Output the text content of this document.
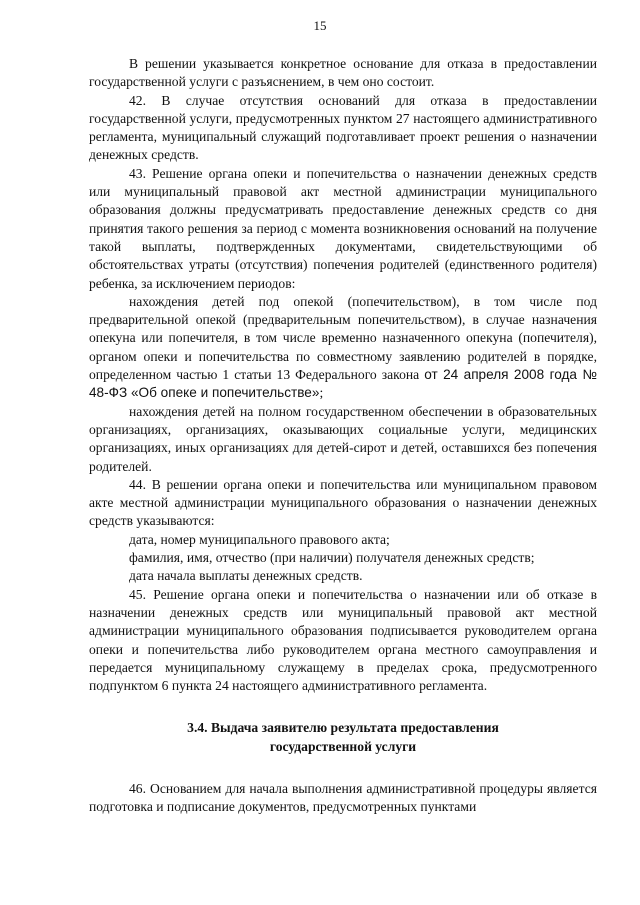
15

В решении указывается конкретное основание для отказа в предоставлении государственной услуги с разъяснением, в чем оно состоит.

42. В случае отсутствия оснований для отказа в предоставлении государственной услуги, предусмотренных пунктом 27 настоящего административного регламента, муниципальный служащий подготавливает проект решения о назначении денежных средств.

43. Решение органа опеки и попечительства о назначении денежных средств или муниципальный правовой акт местной администрации муниципального образования должны предусматривать предоставление денежных средств со дня принятия такого решения за период с момента возникновения оснований на получение такой выплаты, подтвержденных документами, свидетельствующими об обстоятельствах утраты (отсутствия) попечения родителей (единственного родителя) ребенка, за исключением периодов:

нахождения детей под опекой (попечительством), в том числе под предварительной опекой (предварительным попечительством), в случае назначения опекуна или попечителя, в том числе временно назначенного опекуна (попечителя), органом опеки и попечительства по совместному заявлению родителей в порядке, определенном частью 1 статьи 13 Федерального закона от 24 апреля 2008 года № 48-ФЗ «Об опеке и попечительстве»;

нахождения детей на полном государственном обеспечении в образовательных организациях, организациях, оказывающих социальные услуги, медицинских организациях, иных организациях для детей-сирот и детей, оставшихся без попечения родителей.

44. В решении органа опеки и попечительства или муниципальном правовом акте местной администрации муниципального образования о назначении денежных средств указываются:

дата, номер муниципального правового акта;

фамилия, имя, отчество (при наличии) получателя денежных средств;

дата начала выплаты денежных средств.

45. Решение органа опеки и попечительства о назначении или об отказе в назначении денежных средств или муниципальный правовой акт местной администрации муниципального образования подписывается руководителем органа опеки и попечительства либо руководителем органа местного самоуправления и передается муниципальному служащему в пределах срока, предусмотренного подпунктом 6 пункта 24 настоящего административного регламента.

3.4. Выдача заявителю результата предоставления
государственной услуги

46. Основанием для начала выполнения административной процедуры является подготовка и подписание документов, предусмотренных пунктами
